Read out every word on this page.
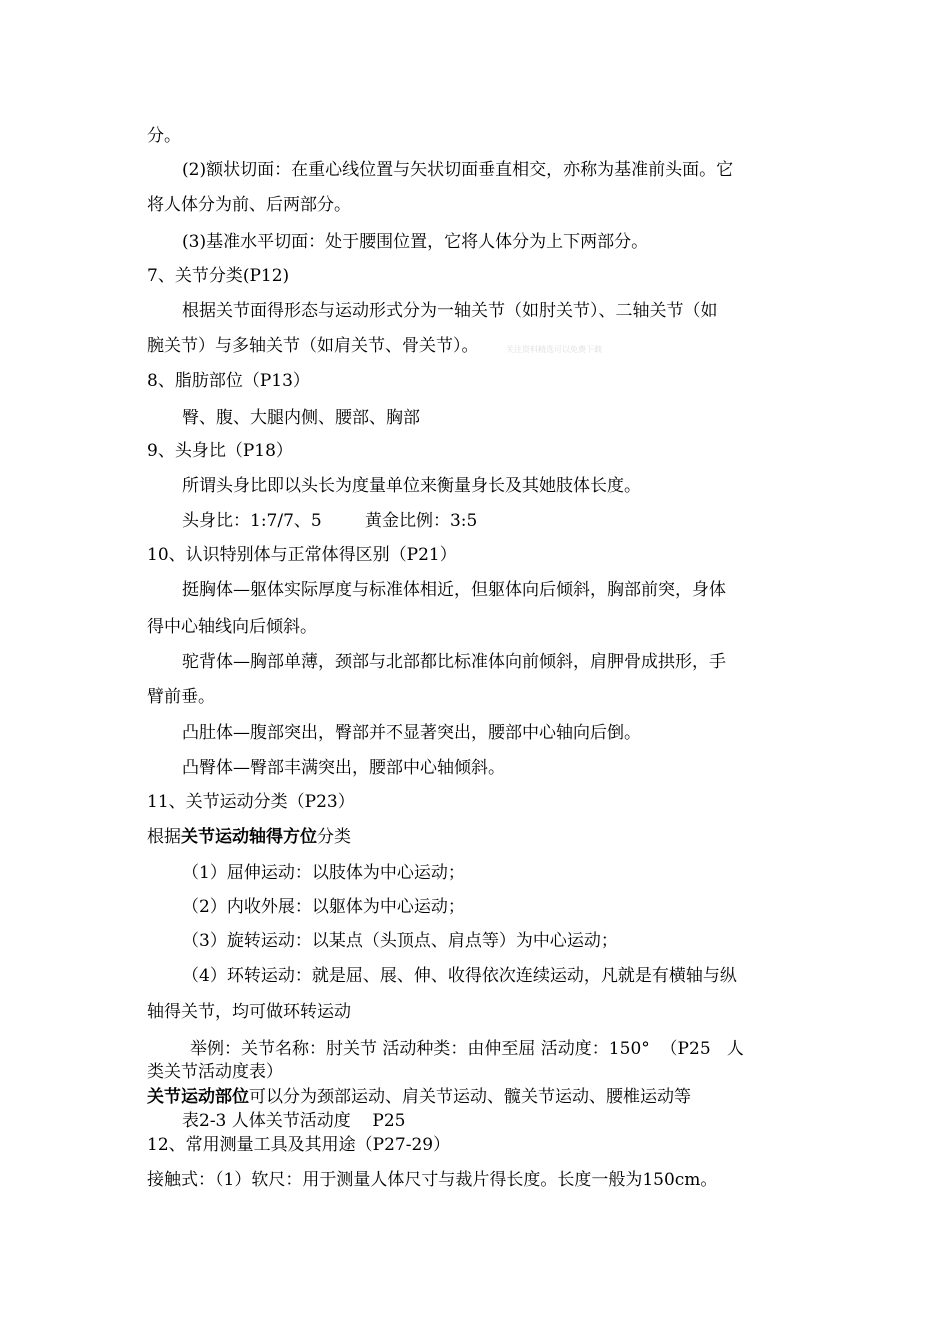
分。
(2)额状切面：在重心线位置与矢状切面垂直相交，亦称为基准前头面。它
将人体分为前、后两部分。
(3)基准水平切面：处于腰围位置，它将人体分为上下两部分。
7、关节分类(P12)
根据关节面得形态与运动形式分为一轴关节（如肘关节）、二轴关节（如
腕关节）与多轴关节（如肩关节、骨关节）。	关注资料精选可以免费下载
8、脂肪部位（P13）
臀、腹、大腿内侧、腰部、胸部
9、头身比（P18）
所谓头身比即以头长为度量单位来衡量身长及其她肢体长度。
头身比：1:7/7、5        黄金比例：3:5
10、认识特别体与正常体得区别（P21）
挺胸体—躯体实际厚度与标准体相近，但躯体向后倾斜，胸部前突，身体
得中心轴线向后倾斜。
驼背体—胸部单薄，颈部与北部都比标准体向前倾斜，肩胛骨成拱形，手
臂前垂。
凸肚体—腹部突出，臀部并不显著突出，腰部中心轴向后倒。
凸臀体—臀部丰满突出，腰部中心轴倾斜。
11、关节运动分类（P23）
根据关节运动轴得方位分类
（1）屈伸运动：以肢体为中心运动；
（2）内收外展：以躯体为中心运动；
（3）旋转运动：以某点（头顶点、肩点等）为中心运动；
（4）环转运动：就是屈、展、伸、收得依次连续运动，凡就是有横轴与纵
轴得关节，均可做环转运动
举例：关节名称：肘关节 活动种类：由伸至屈 活动度：150°  （P25   人
类关节活动度表）
关节运动部位可以分为颈部运动、肩关节运动、髋关节运动、腰椎运动等
表2-3 人体关节活动度    P25
12、常用测量工具及其用途（P27-29）
接触式：（1）软尺：用于测量人体尺寸与裁片得长度。长度一般为150cm。
